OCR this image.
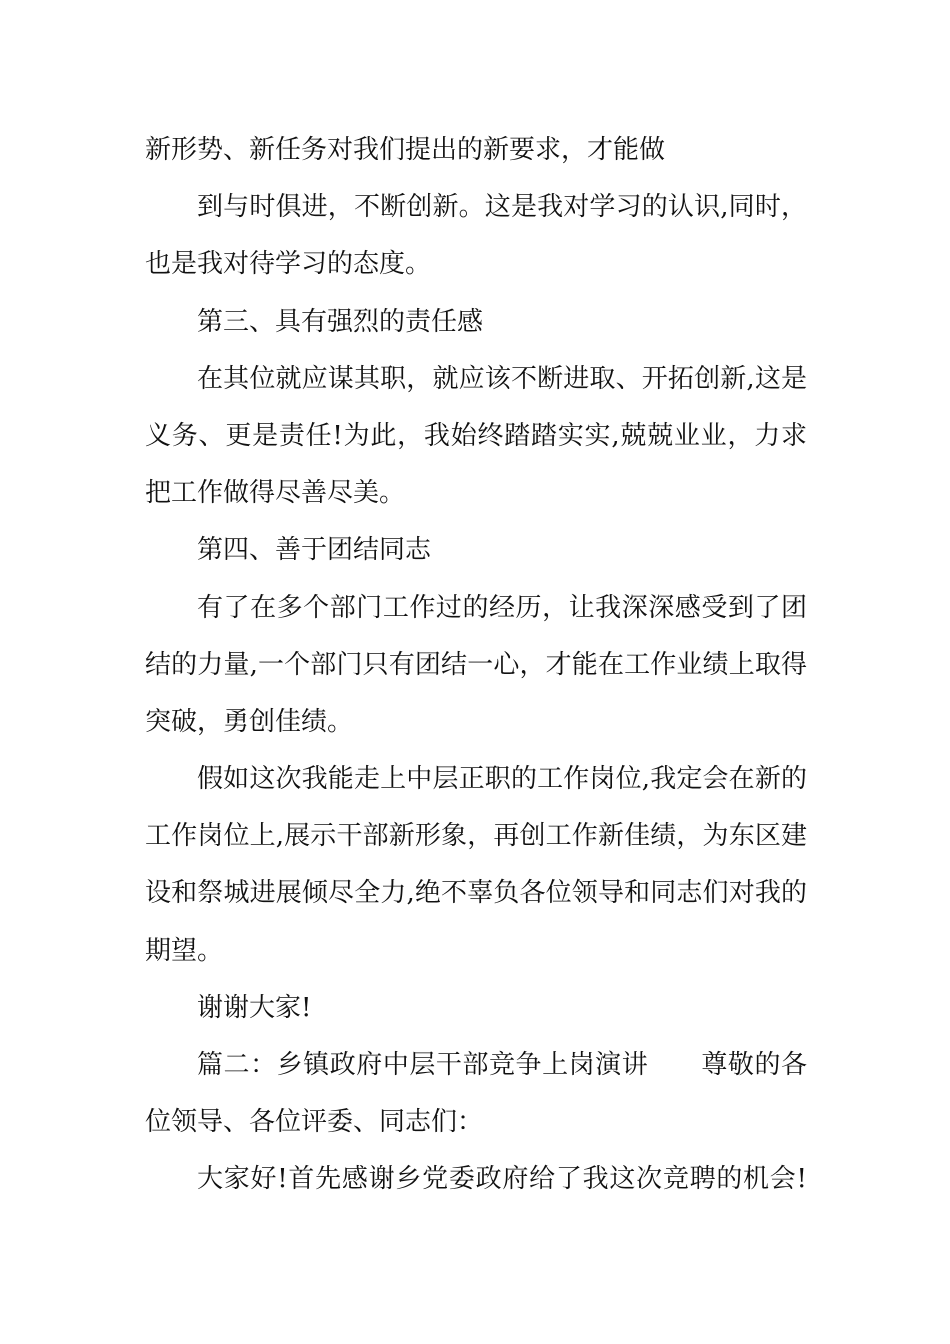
新形势、新任务对我们提出的新要求，才能做
到与时俱进，不断创新。这是我对学习的认识,同时，
也是我对待学习的态度。
第三、具有强烈的责任感
在其位就应谋其职，就应该不断进取、开拓创新,这是
义务、更是责任!为此，我始终踏踏实实,兢兢业业，力求
把工作做得尽善尽美。
第四、善于团结同志
有了在多个部门工作过的经历，让我深深感受到了团
结的力量,一个部门只有团结一心，才能在工作业绩上取得
突破，勇创佳绩。
假如这次我能走上中层正职的工作岗位,我定会在新的
工作岗位上,展示干部新形象，再创工作新佳绩，为东区建
设和祭城进展倾尽全力,绝不辜负各位领导和同志们对我的
期望。
谢谢大家!
篇二：乡镇政府中层干部竞争上岗演讲　　尊敬的各
位领导、各位评委、同志们：
大家好!首先感谢乡党委政府给了我这次竞聘的机会!
